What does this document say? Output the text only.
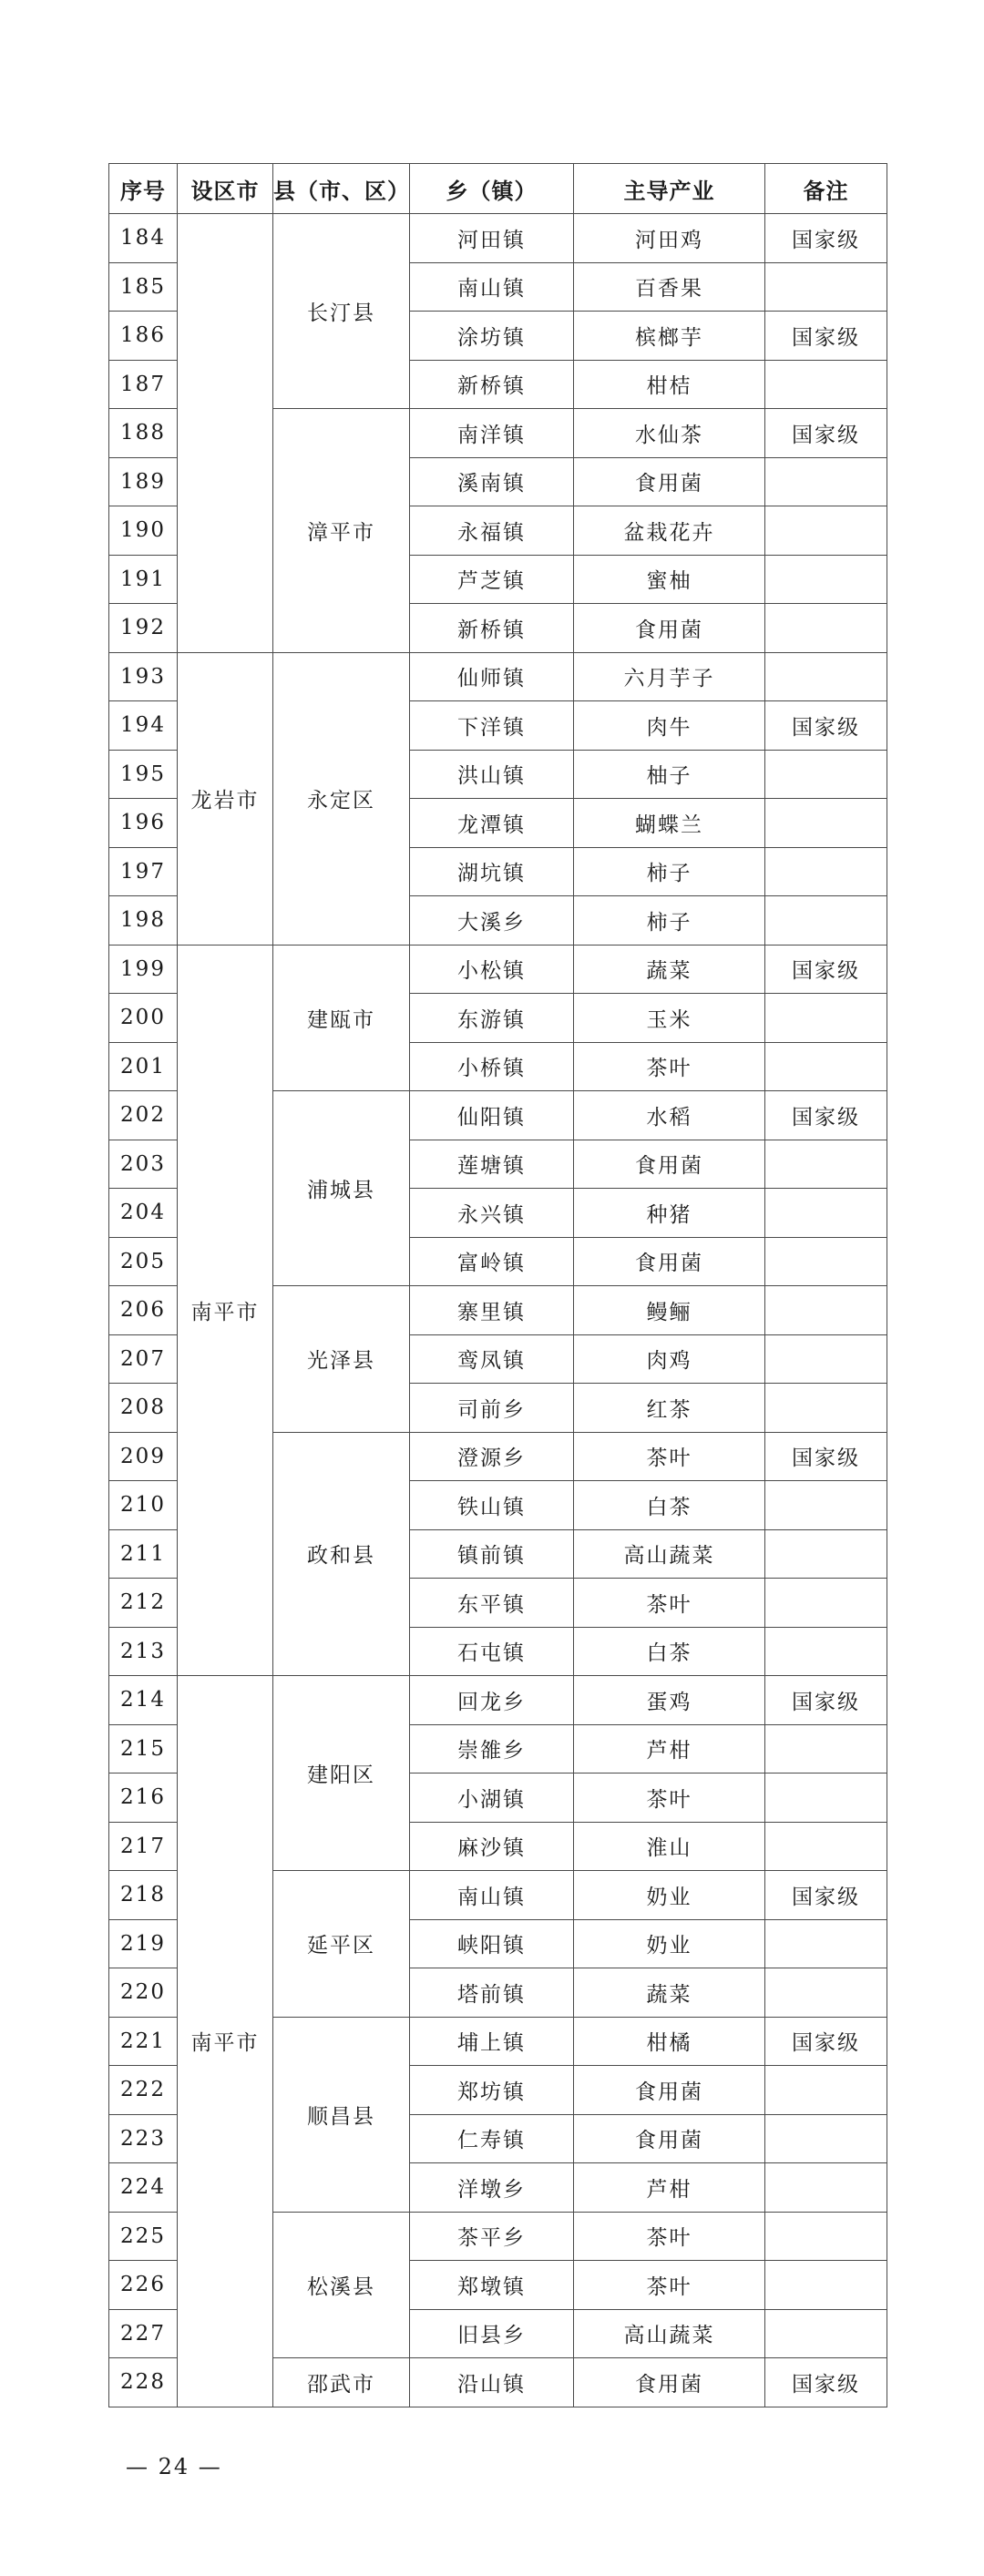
序号	设区市	县（市、区）	乡（镇）	主导产业	备注
184		长汀县	河田镇	河田鸡	国家级
185			南山镇	百香果	
186			涂坊镇	槟榔芋	国家级
187			新桥镇	柑桔	
188		漳平市	南洋镇	水仙茶	国家级
189			溪南镇	食用菌	
190			永福镇	盆栽花卉	
191			芦芝镇	蜜柚	
192			新桥镇	食用菌	
193	龙岩市	永定区	仙师镇	六月芋子	
194			下洋镇	肉牛	国家级
195			洪山镇	柚子	
196			龙潭镇	蝴蝶兰	
197			湖坑镇	柿子	
198			大溪乡	柿子	
199	南平市	建瓯市	小松镇	蔬菜	国家级
200			东游镇	玉米	
201			小桥镇	茶叶	
202		浦城县	仙阳镇	水稻	国家级
203			莲塘镇	食用菌	
204			永兴镇	种猪	
205			富岭镇	食用菌	
206		光泽县	寨里镇	鳗鲡	
207			鸾凤镇	肉鸡	
208			司前乡	红茶	
209		政和县	澄源乡	茶叶	国家级
210			铁山镇	白茶	
211			镇前镇	高山蔬菜	
212			东平镇	茶叶	
213			石屯镇	白茶	
214	南平市	建阳区	回龙乡	蛋鸡	国家级
215			崇雒乡	芦柑	
216			小湖镇	茶叶	
217			麻沙镇	淮山	
218		延平区	南山镇	奶业	国家级
219			峡阳镇	奶业	
220			塔前镇	蔬菜	
221		顺昌县	埔上镇	柑橘	国家级
222			郑坊镇	食用菌	
223			仁寿镇	食用菌	
224			洋墩乡	芦柑	
225		松溪县	茶平乡	茶叶	
226			郑墩镇	茶叶	
227			旧县乡	高山蔬菜	
228		邵武市	沿山镇	食用菌	国家级
— 24 —
